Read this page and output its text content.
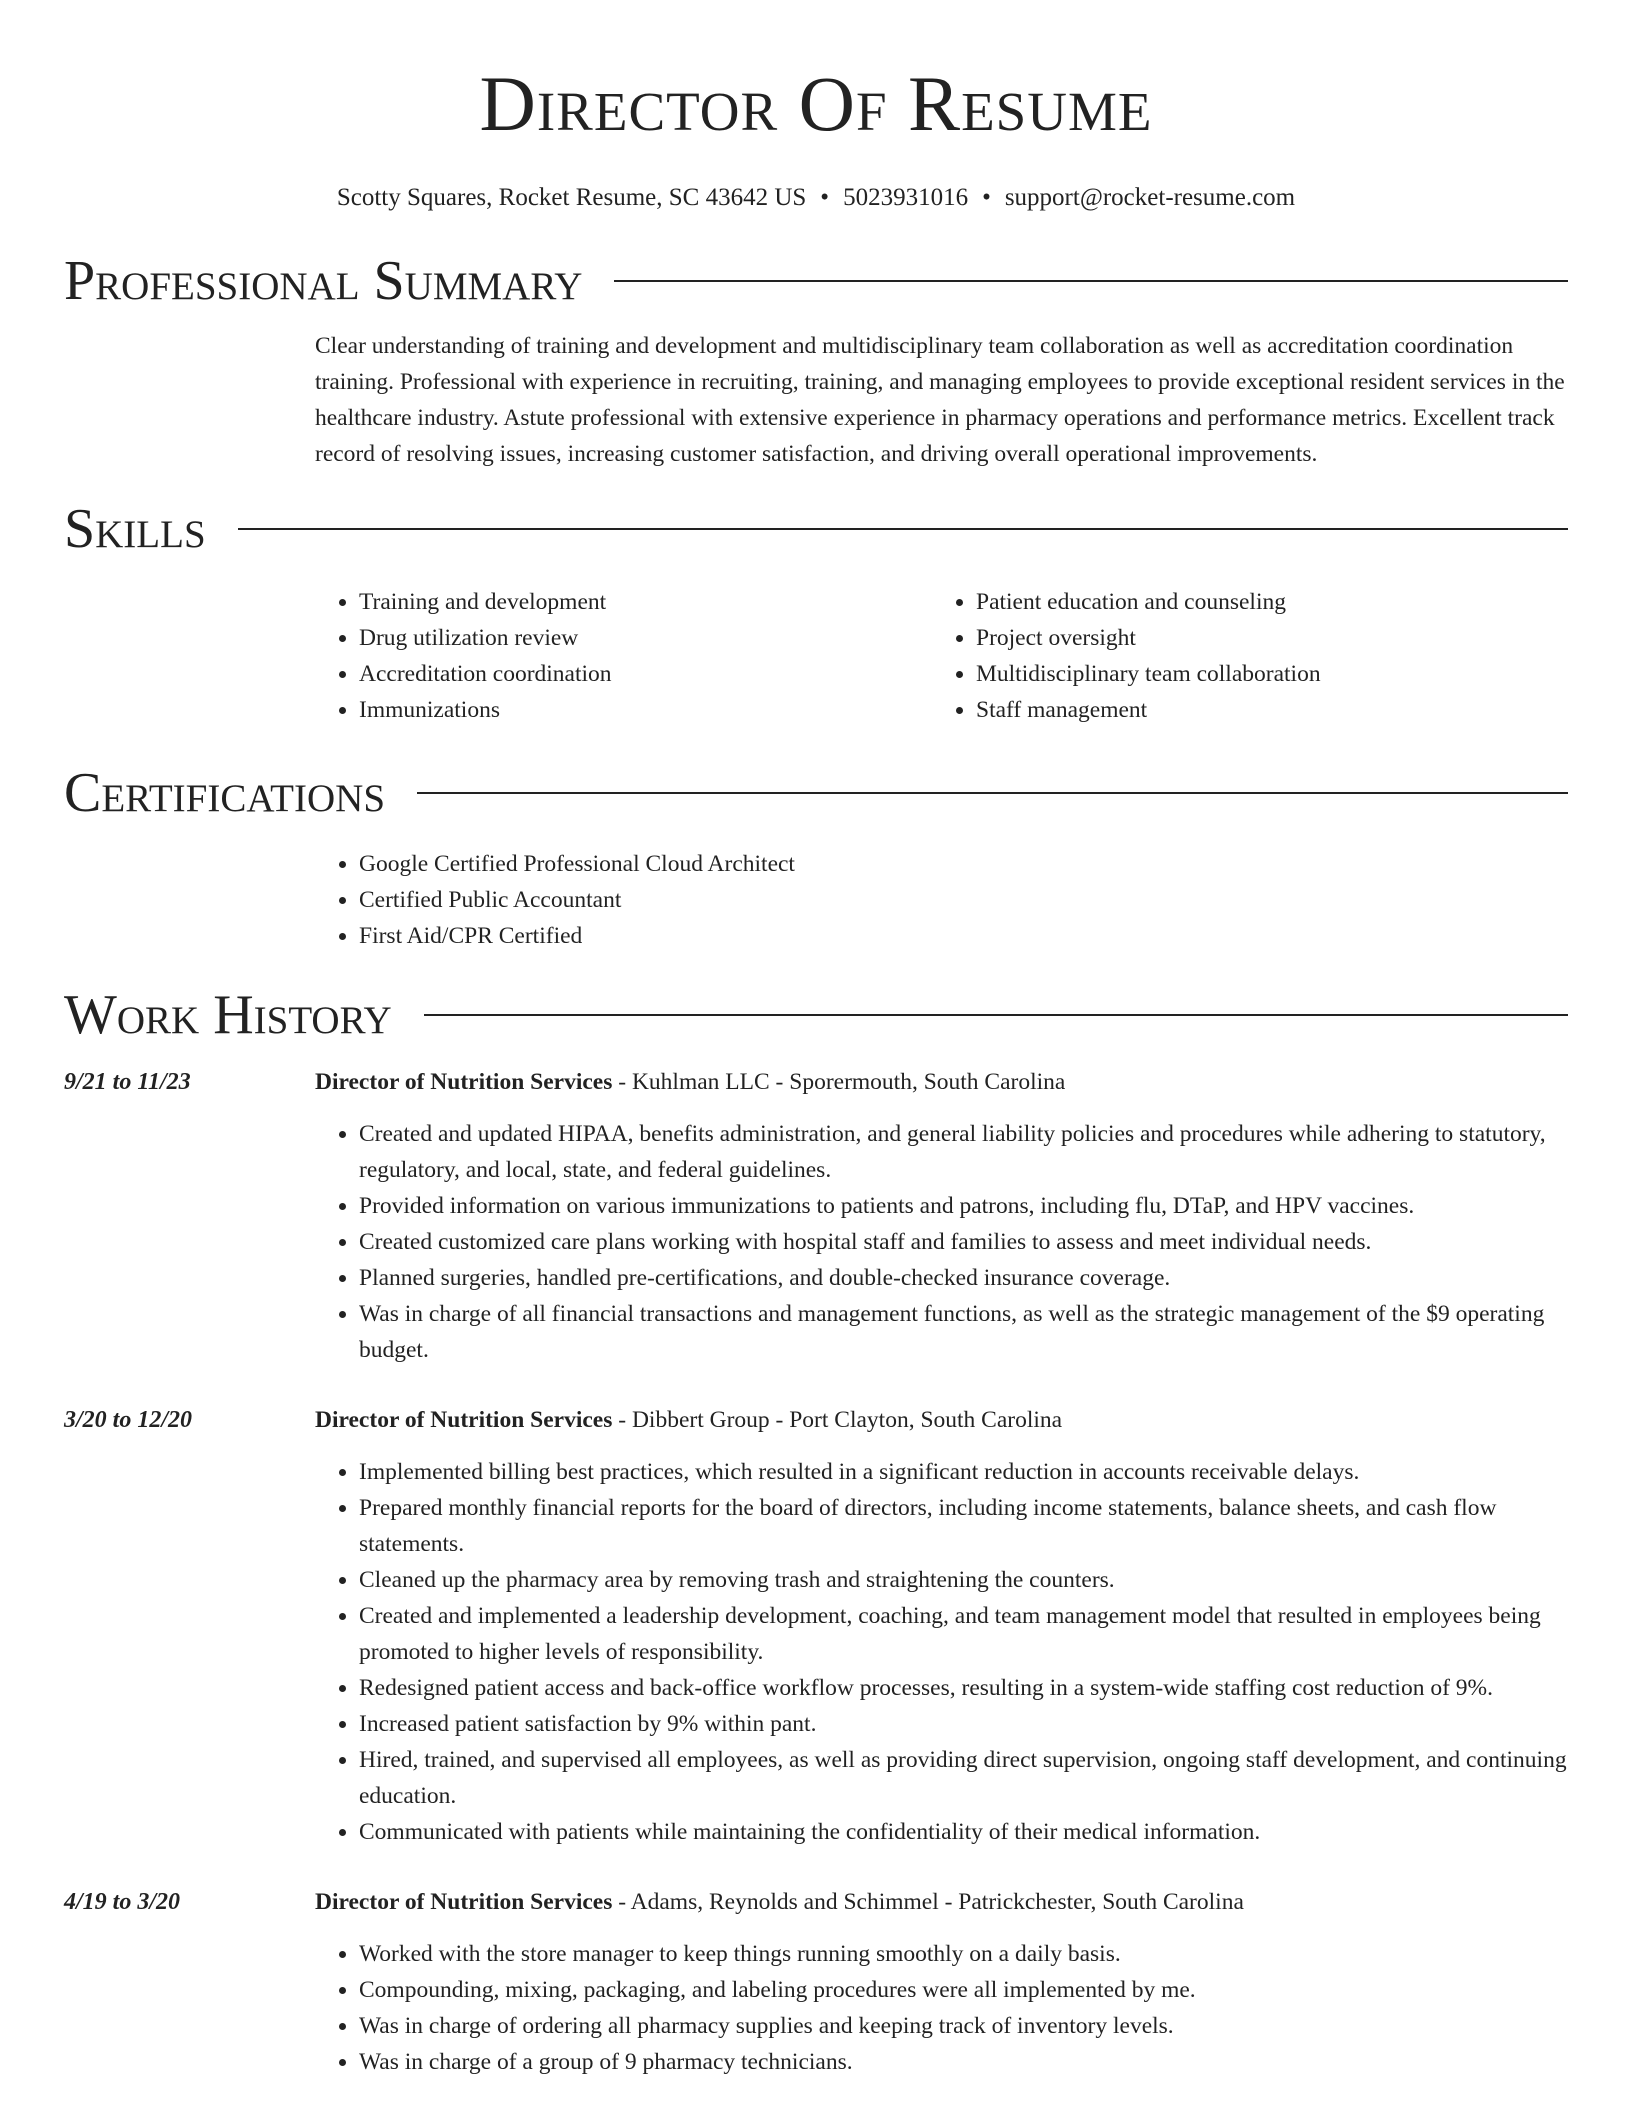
Director Of Resume
Scotty Squares, Rocket Resume, SC 43642 US • 5023931016 • support@rocket-resume.com
Professional Summary

Clear understanding of training and development and multidisciplinary team collaboration as well as accreditation coordination training. Professional with experience in recruiting, training, and managing employees to provide exceptional resident services in the healthcare industry. Astute professional with extensive experience in pharmacy operations and performance metrics. Excellent track record of resolving issues, increasing customer satisfaction, and driving overall operational improvements.

Skills
• Training and development
• Drug utilization review
• Accreditation coordination
• Immunizations
• Patient education and counseling
• Project oversight
• Multidisciplinary team collaboration
• Staff management
Certifications
• Google Certified Professional Cloud Architect
• Certified Public Accountant
• First Aid/CPR Certified
Work History
9/21 to 11/23	Director of Nutrition Services - Kuhlman LLC - Sporermouth, South Carolina

• Created and updated HIPAA, benefits administration, and general liability policies and procedures while adhering to statutory, regulatory, and local, state, and federal guidelines.
• Provided information on various immunizations to patients and patrons, including flu, DTaP, and HPV vaccines.
• Created customized care plans working with hospital staff and families to assess and meet individual needs.
• Planned surgeries, handled pre-certifications, and double-checked insurance coverage.
• Was in charge of all financial transactions and management functions, as well as the strategic management of the $9 operating budget.
3/20 to 12/20	Director of Nutrition Services - Dibbert Group - Port Clayton, South Carolina

• Implemented billing best practices, which resulted in a significant reduction in accounts receivable delays.
• Prepared monthly financial reports for the board of directors, including income statements, balance sheets, and cash flow statements.
• Cleaned up the pharmacy area by removing trash and straightening the counters.
• Created and implemented a leadership development, coaching, and team management model that resulted in employees being promoted to higher levels of responsibility.
• Redesigned patient access and back-office workflow processes, resulting in a system-wide staffing cost reduction of 9%.
• Increased patient satisfaction by 9% within pant.
• Hired, trained, and supervised all employees, as well as providing direct supervision, ongoing staff development, and continuing education.
• Communicated with patients while maintaining the confidentiality of their medical information.
4/19 to 3/20	Director of Nutrition Services - Adams, Reynolds and Schimmel - Patrickchester, South Carolina

• Worked with the store manager to keep things running smoothly on a daily basis.
• Compounding, mixing, packaging, and labeling procedures were all implemented by me.
• Was in charge of ordering all pharmacy supplies and keeping track of inventory levels.
• Was in charge of a group of 9 pharmacy technicians.
